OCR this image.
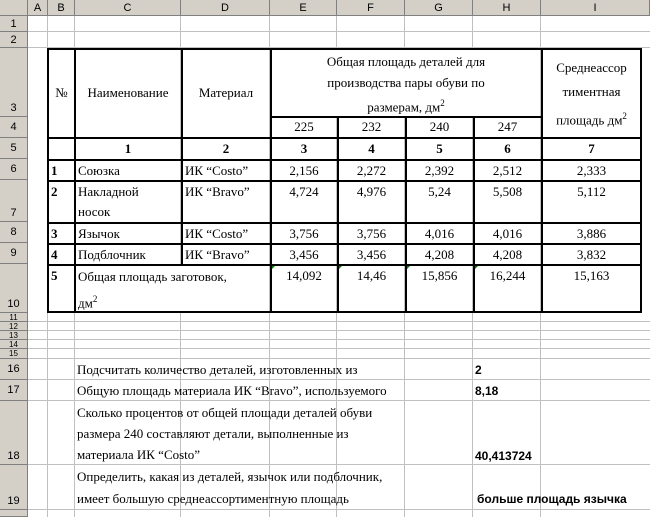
A	B	C	D	E	F	G	H	I
1
2
3
4
5
6
7
8
9
10
11
12
13
14
15
16
17
18
19
№	Наименование	Материал
Общая площадь деталей для
производства пары обуви по
размерам, $дм^2$
225	232	240	247
Среднеассор
тиментная
площадь $дм^2$
1	2	3	4	5	6	7
1	Союзка	ИК “Costo”	2,156	2,272	2,392	2,512	2,333
2	Накладной
носок
ИК “Bravo”	4,724	4,976	5,24	5,508	5,112
3	Язычок	ИК “Costo”	3,756	3,756	4,016	4,016	3,886
4	Подблочник	ИК “Bravo”	3,456	3,456	4,208	4,208	3,832
5	Общая площадь заготовок,
$дм^2$
14,092	14,46	15,856	16,244	15,163
Подсчитать количество деталей, изготовленных из	2
Общую площадь материала ИК “Bravo”, используемого	8,18
Сколько процентов от общей площади деталей обуви
размера 240 составляют детали, выполненные из
материала ИК “Costo”	40,413724
Определить, какая из деталей, язычок или подблочник,
имеет большую среднеассортиментную площадь	больше площадь язычка
